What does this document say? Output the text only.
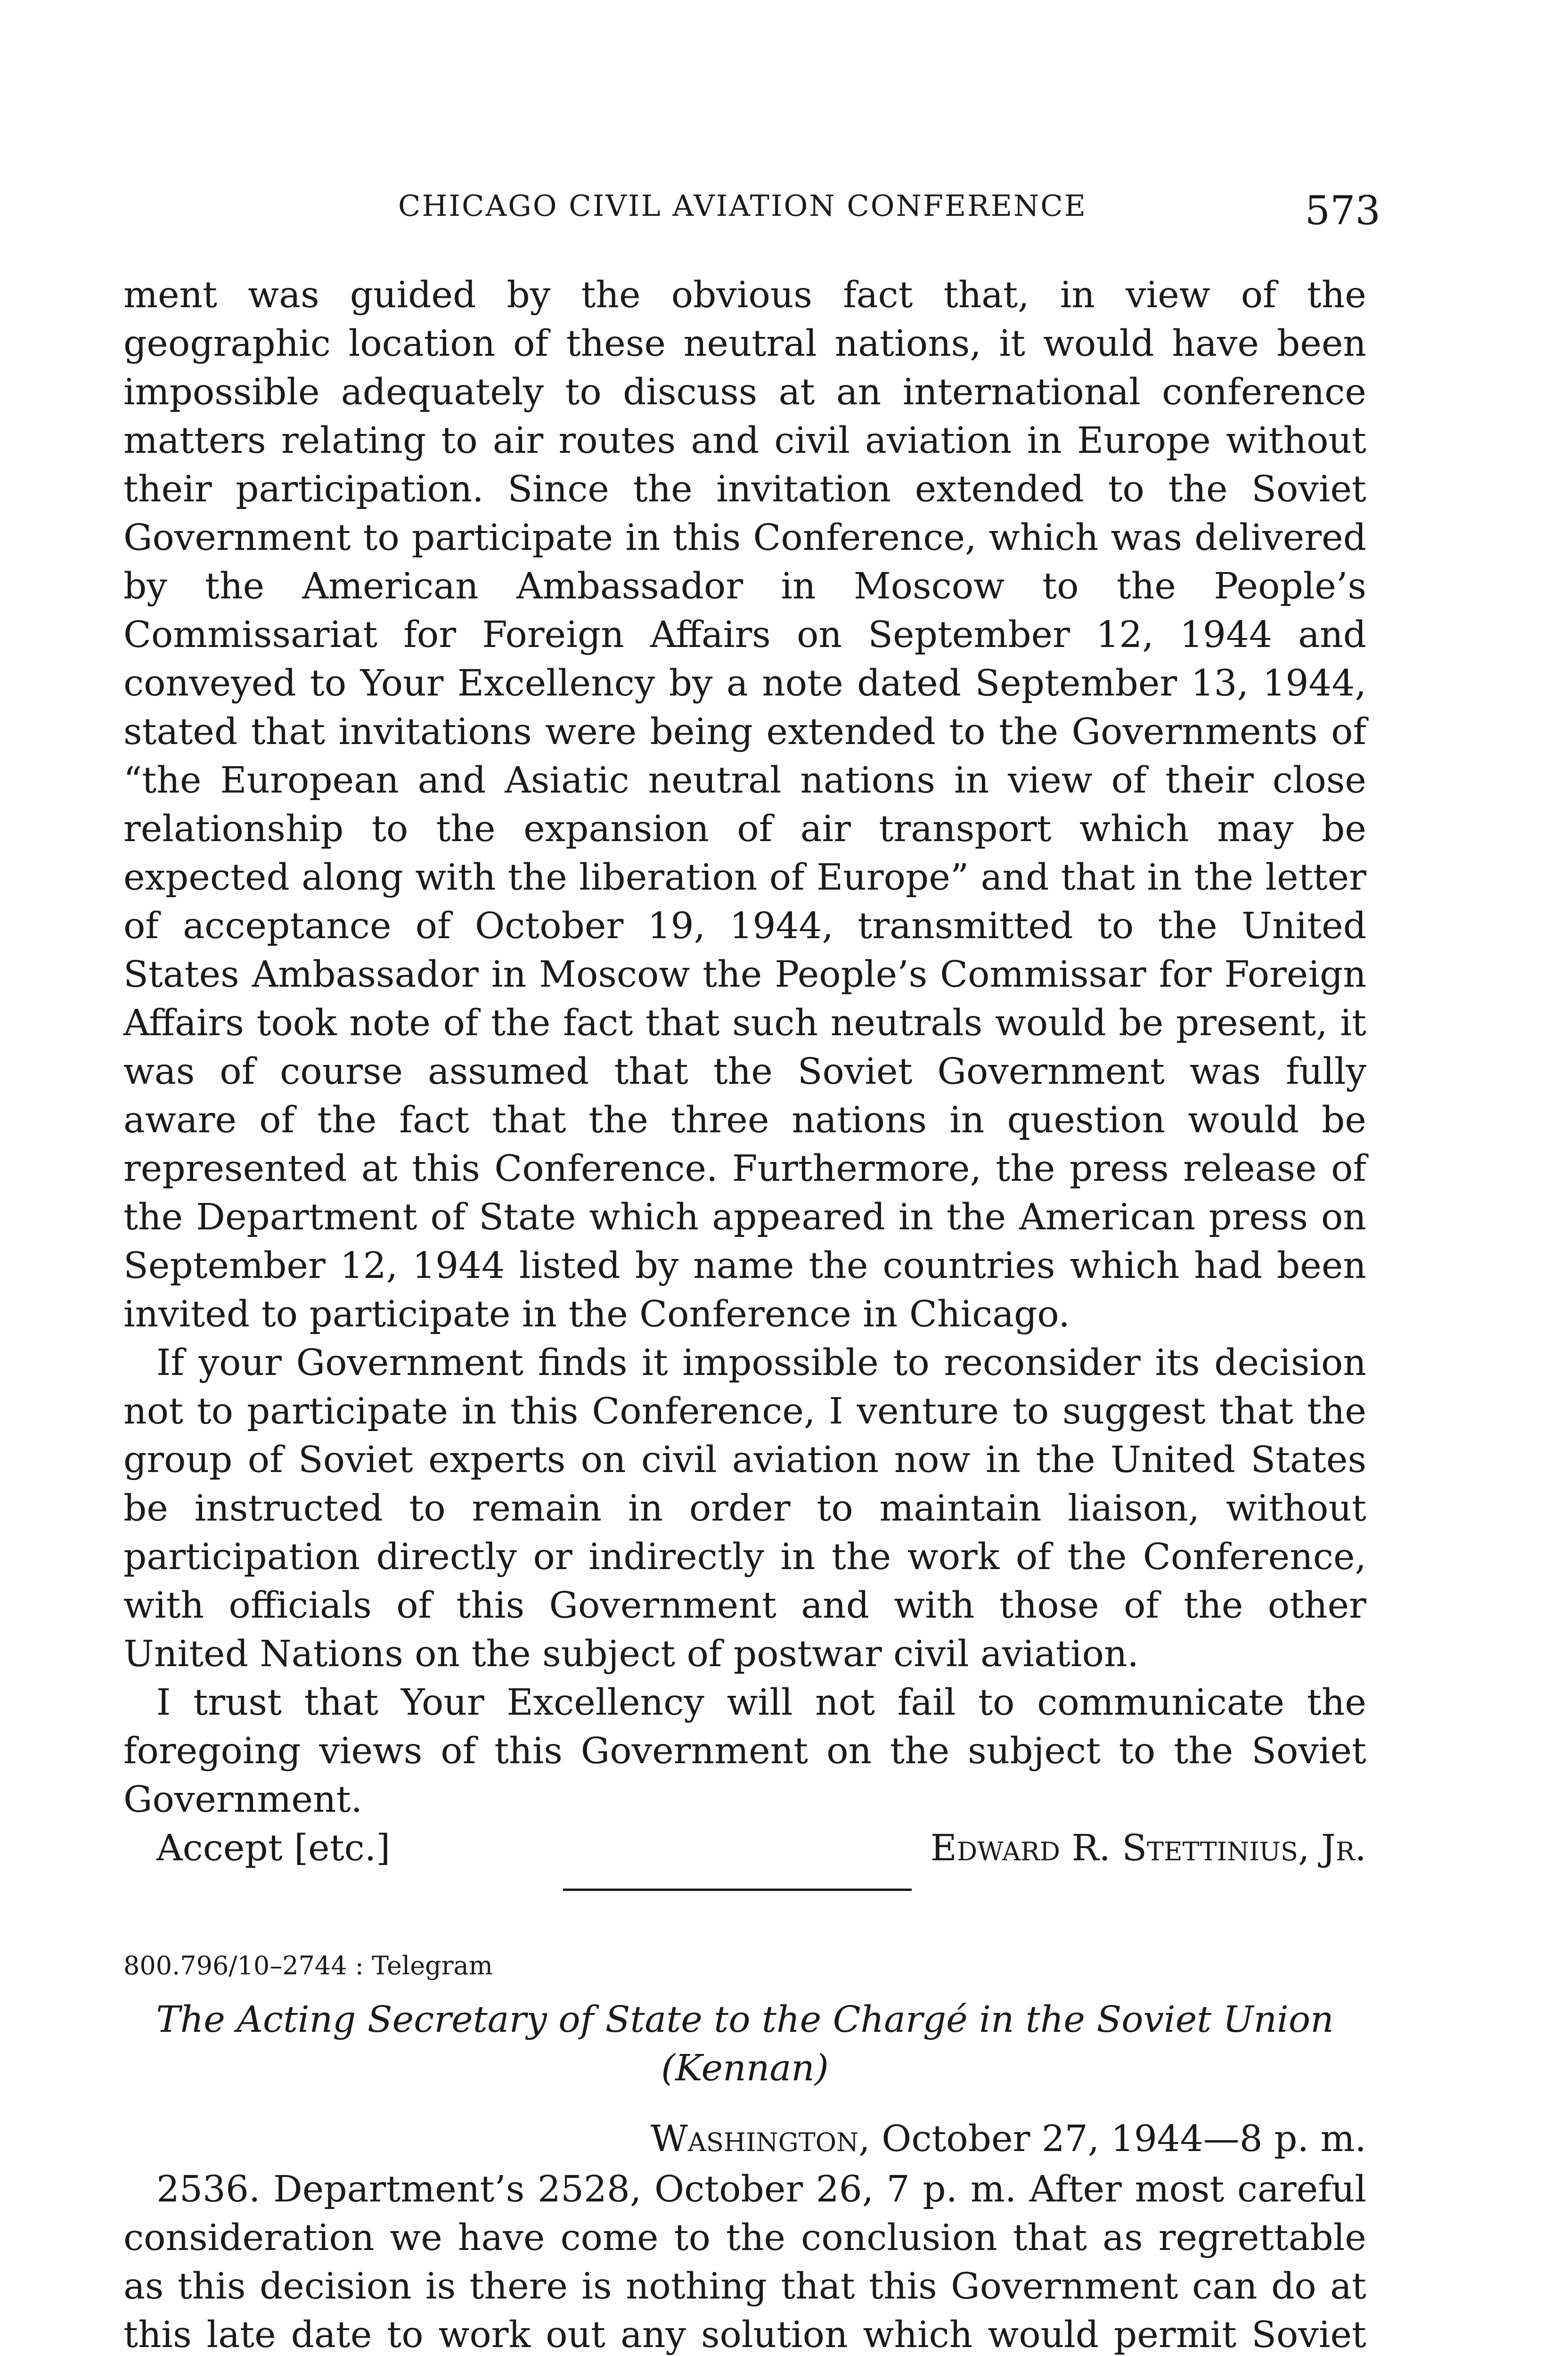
CHICAGO CIVIL AVIATION CONFERENCE	573

ment was guided by the obvious fact that, in view of the geographic location of these neutral nations, it would have been impossible adequately to discuss at an international conference matters relating to air routes and civil aviation in Europe without their participation. Since the invitation extended to the Soviet Government to participate in this Conference, which was delivered by the American Ambassador in Moscow to the People’s Commissariat for Foreign Affairs on September 12, 1944 and conveyed to Your Excellency by a note dated September 13, 1944, stated that invitations were being extended to the Governments of “the European and Asiatic neutral nations in view of their close relationship to the expansion of air transport which may be expected along with the liberation of Europe” and that in the letter of acceptance of October 19, 1944, transmitted to the United States Ambassador in Moscow the People’s Commissar for Foreign Affairs took note of the fact that such neutrals would be present, it was of course assumed that the Soviet Government was fully aware of the fact that the three nations in question would be represented at this Conference. Furthermore, the press release of the Department of State which appeared in the American press on September 12, 1944 listed by name the countries which had been invited to participate in the Conference in Chicago.

If your Government finds it impossible to reconsider its decision not to participate in this Conference, I venture to suggest that the group of Soviet experts on civil aviation now in the United States be instructed to remain in order to maintain liaison, without participation directly or indirectly in the work of the Conference, with officials of this Government and with those of the other United Nations on the subject of postwar civil aviation.

I trust that Your Excellency will not fail to communicate the foregoing views of this Government on the subject to the Soviet Government.

Accept [etc.]	Edward R. Stettinius, Jr.
800.796/10–2744 : Telegram
The Acting Secretary of State to the Chargé in the Soviet Union (Kennan)
Washington, October 27, 1944—8 p. m.

2536. Department’s 2528, October 26, 7 p. m. After most careful consideration we have come to the conclusion that as regrettable as this decision is there is nothing that this Government can do at this late date to work out any solution which would permit Soviet
